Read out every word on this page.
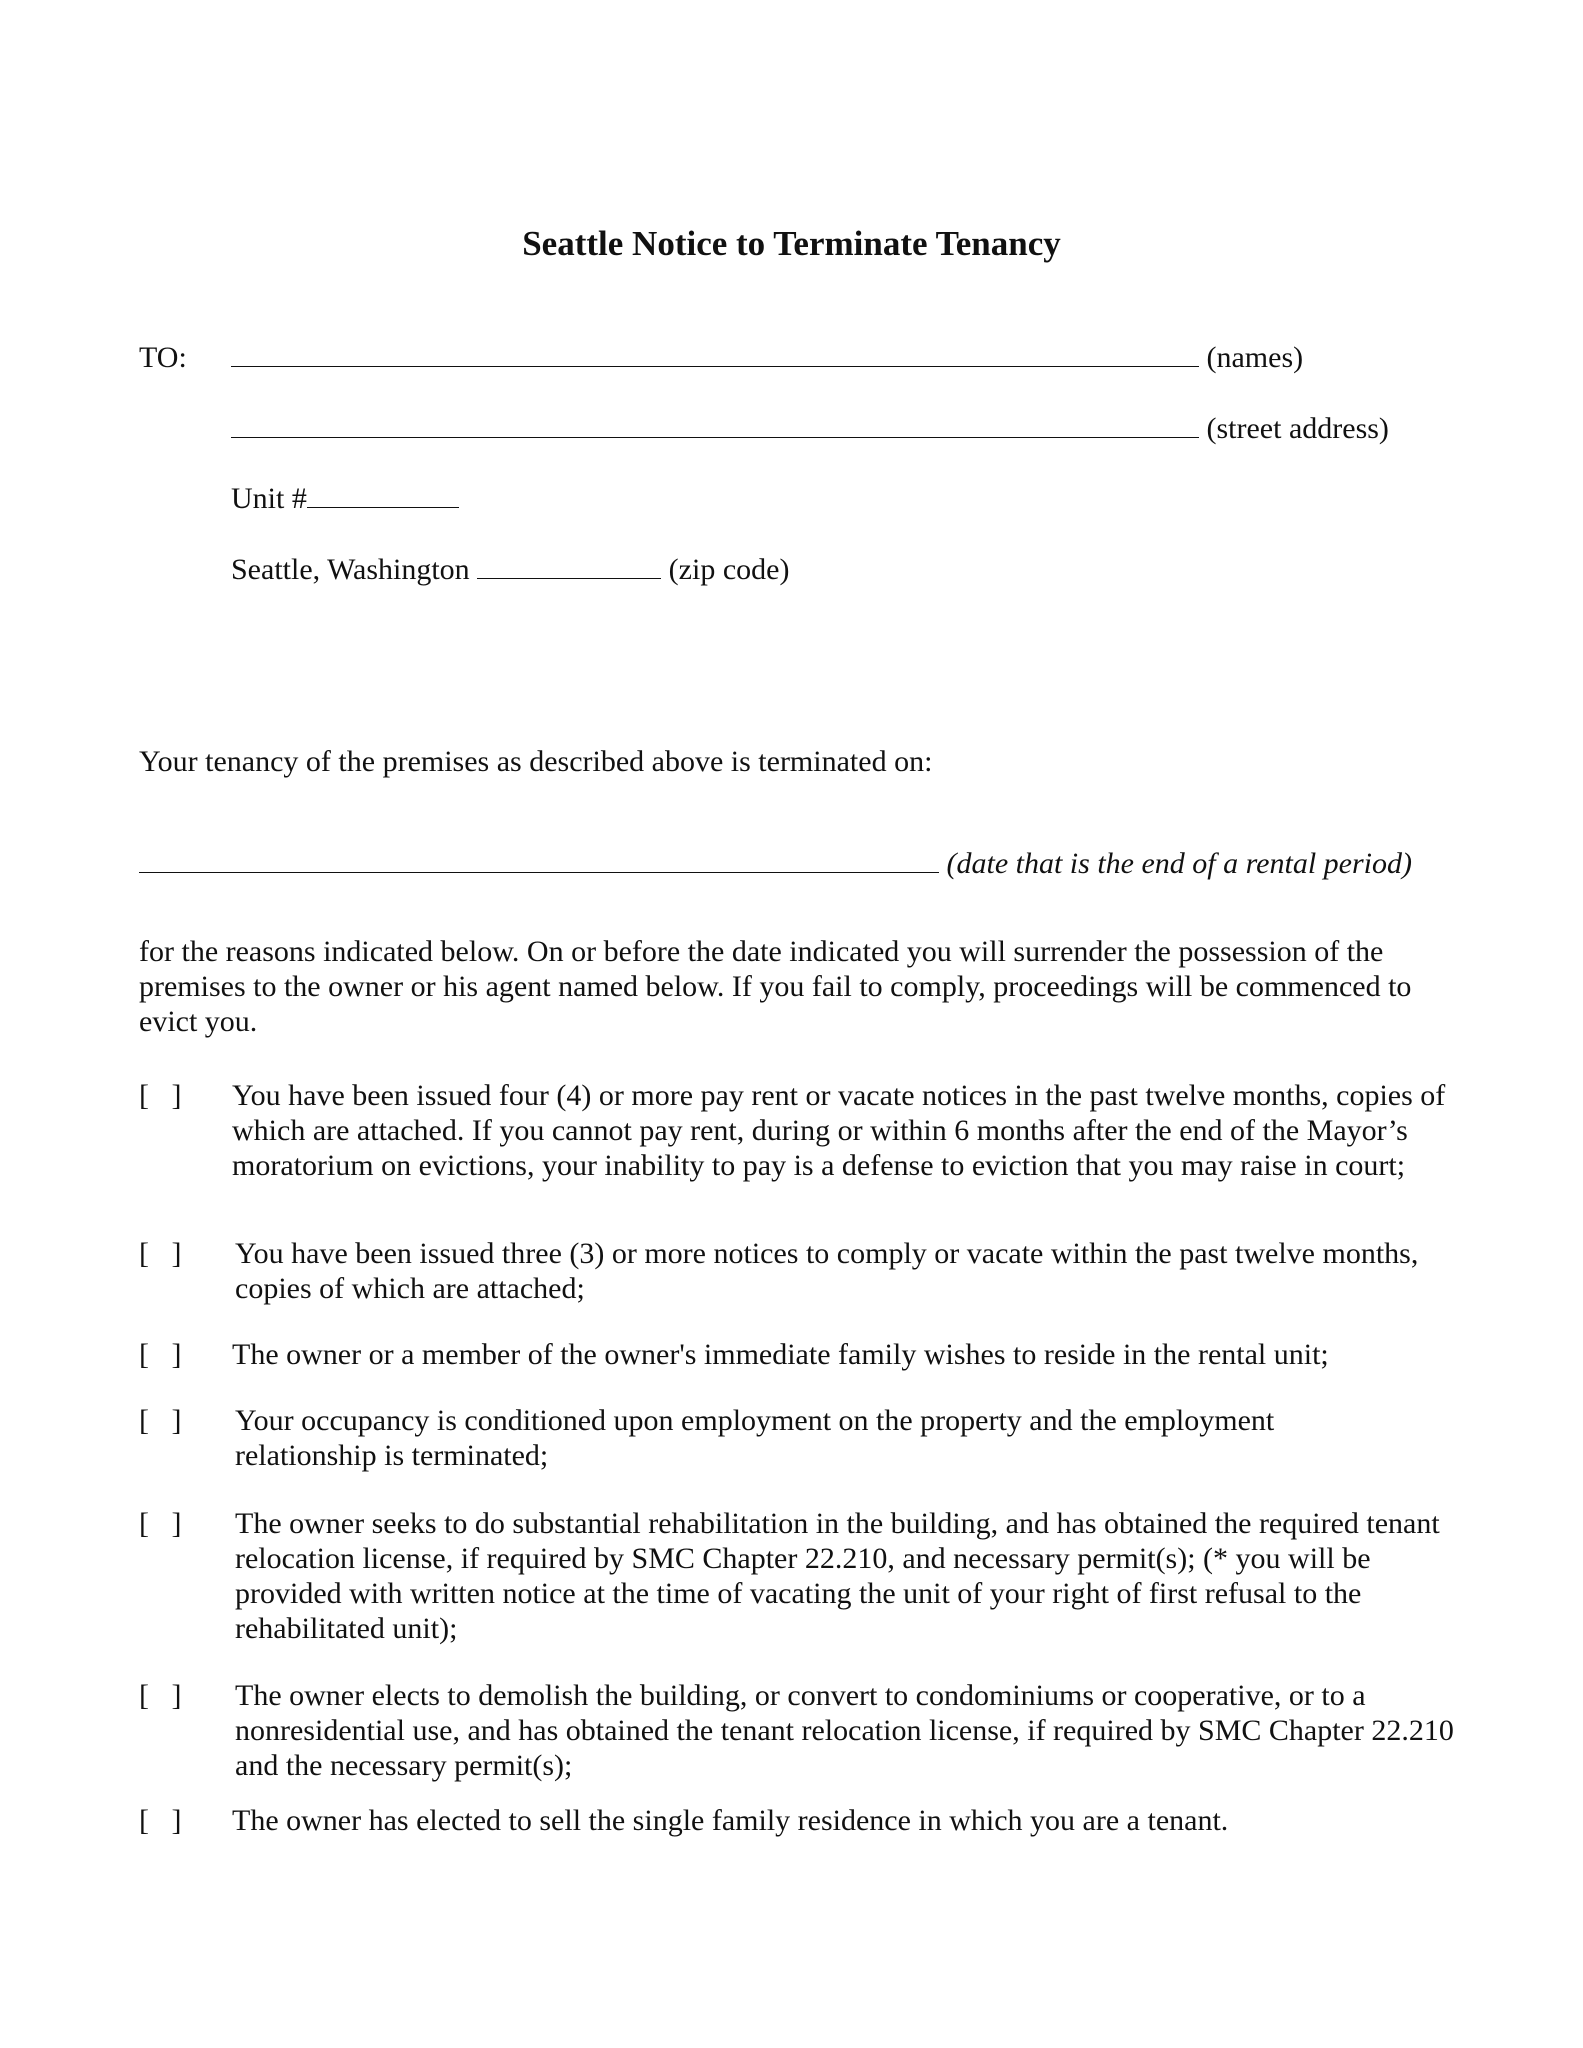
Seattle Notice to Terminate Tenancy
TO:	(names)
(street address)
Unit #
Seattle, Washington	(zip code)
Your tenancy of the premises as described above is terminated on:
(date that is the end of a rental period)
for the reasons indicated below. On or before the date indicated you will surrender the possession of the premises to the owner or his agent named below. If you fail to comply, proceedings will be commenced to evict you.
[   ] You have been issued four (4) or more pay rent or vacate notices in the past twelve months, copies of which are attached. If you cannot pay rent, during or within 6 months after the end of the Mayor’s moratorium on evictions, your inability to pay is a defense to eviction that you may raise in court;
[   ] You have been issued three (3) or more notices to comply or vacate within the past twelve months, copies of which are attached;
[   ] The owner or a member of the owner's immediate family wishes to reside in the rental unit;
[   ] Your occupancy is conditioned upon employment on the property and the employment relationship is terminated;
[   ] The owner seeks to do substantial rehabilitation in the building, and has obtained the required tenant relocation license, if required by SMC Chapter 22.210, and necessary permit(s); (* you will be provided with written notice at the time of vacating the unit of your right of first refusal to the rehabilitated unit);
[   ] The owner elects to demolish the building, or convert to condominiums or cooperative, or to a nonresidential use, and has obtained the tenant relocation license, if required by SMC Chapter 22.210 and the necessary permit(s);
[   ] The owner has elected to sell the single family residence in which you are a tenant.
